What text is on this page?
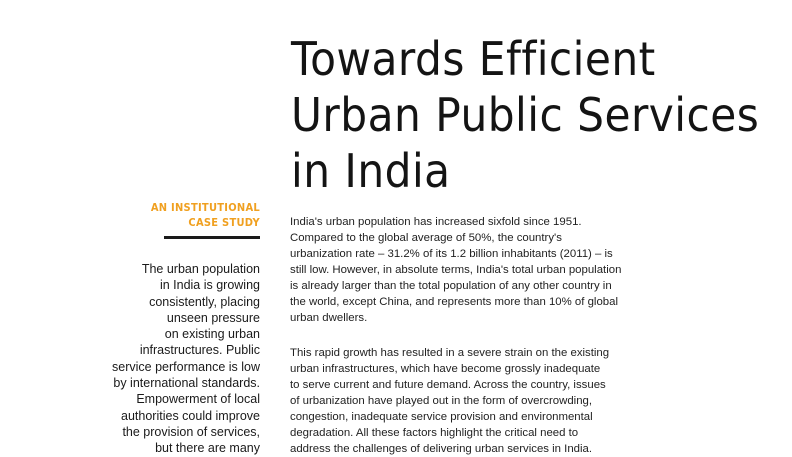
Towards Efficient
Urban Public Services
in India
AN INSTITUTIONAL
CASE STUDY
The urban population
in India is growing
consistently, placing
unseen pressure
on existing urban
infrastructures. Public
service performance is low
by international standards.
Empowerment of local
authorities could improve
the provision of services,
but there are many
India's urban population has increased sixfold since 1951.
Compared to the global average of 50%, the country's
urbanization rate – 31.2% of its 1.2 billion inhabitants (2011) – is
still low. However, in absolute terms, India's total urban population
is already larger than the total population of any other country in
the world, except China, and represents more than 10% of global
urban dwellers.
This rapid growth has resulted in a severe strain on the existing
urban infrastructures, which have become grossly inadequate
to serve current and future demand. Across the country, issues
of urbanization have played out in the form of overcrowding,
congestion, inadequate service provision and environmental
degradation. All these factors highlight the critical need to
address the challenges of delivering urban services in India.
